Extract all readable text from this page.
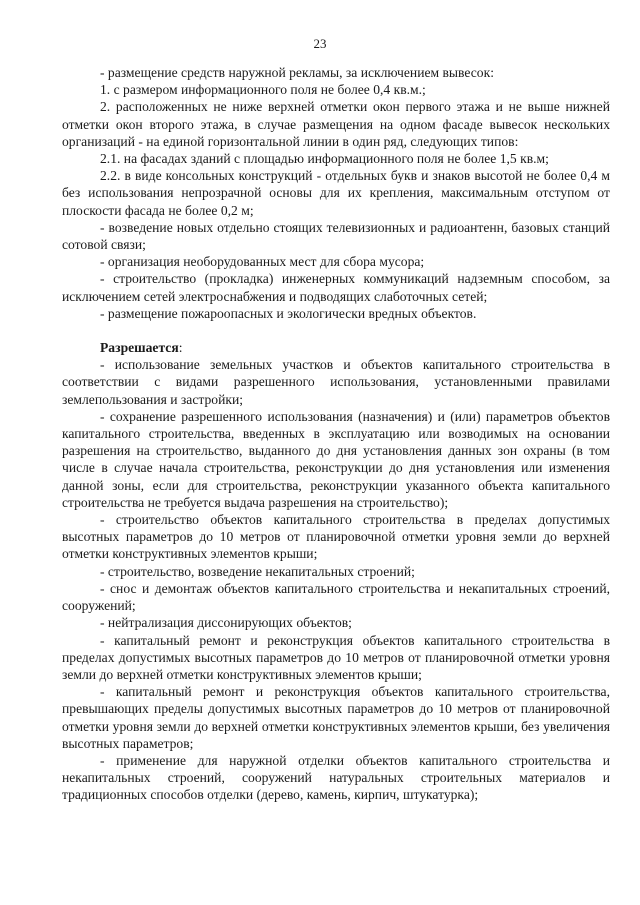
23

- размещение средств наружной рекламы, за исключением вывесок:

1. с размером информационного поля не более 0,4 кв.м.;

2. расположенных не ниже верхней отметки окон первого этажа и не выше нижней отметки окон второго этажа, в случае размещения на одном фасаде вывесок нескольких организаций - на единой горизонтальной линии в один ряд, следующих типов:

2.1. на фасадах зданий с площадью информационного поля не более 1,5 кв.м;

2.2. в виде консольных конструкций - отдельных букв и знаков высотой не более 0,4 м без использования непрозрачной основы для их крепления, максимальным отступом от плоскости фасада не более 0,2 м;

- возведение новых отдельно стоящих телевизионных и радиоантенн, базовых станций сотовой связи;

- организация необорудованных мест для сбора мусора;

- строительство (прокладка) инженерных коммуникаций надземным способом, за исключением сетей электроснабжения и подводящих слаботочных сетей;

- размещение пожароопасных и экологически вредных объектов.

Разрешается:

- использование земельных участков и объектов капитального строительства в соответствии с видами разрешенного использования, установленными правилами землепользования и застройки;

- сохранение разрешенного использования (назначения) и (или) параметров объектов капитального строительства, введенных в эксплуатацию или возводимых на основании разрешения на строительство, выданного до дня установления данных зон охраны (в том числе в случае начала строительства, реконструкции до дня установления или изменения данной зоны, если для строительства, реконструкции указанного объекта капитального строительства не требуется выдача разрешения на строительство);

- строительство объектов капитального строительства в пределах допустимых высотных параметров до 10 метров от планировочной отметки уровня земли до верхней отметки конструктивных элементов крыши;

- строительство, возведение некапитальных строений;

- снос и демонтаж объектов капитального строительства и некапитальных строений, сооружений;

- нейтрализация диссонирующих объектов;

- капитальный ремонт и реконструкция объектов капитального строительства в пределах допустимых высотных параметров до 10 метров от планировочной отметки уровня земли до верхней отметки конструктивных элементов крыши;

- капитальный ремонт и реконструкция объектов капитального строительства, превышающих пределы допустимых высотных параметров до 10 метров от планировочной отметки уровня земли до верхней отметки конструктивных элементов крыши, без увеличения высотных параметров;

- применение для наружной отделки объектов капитального строительства и некапитальных строений, сооружений натуральных строительных материалов и традиционных способов отделки (дерево, камень, кирпич, штукатурка);
